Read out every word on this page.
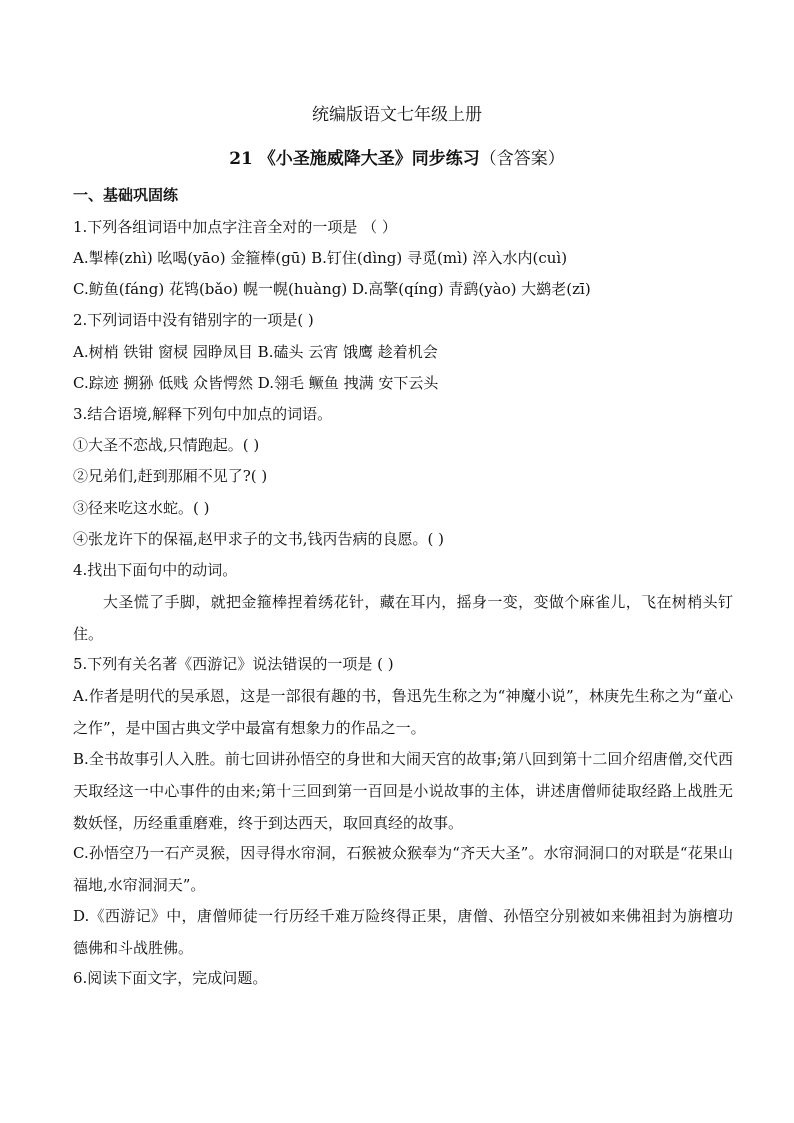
统编版语文七年级上册
21 《小圣施威降大圣》同步练习（含答案）
一、基础巩固练
1.下列各组词语中加点字注音全对的一项是 （ ）
A.掣棒(zhì) 吆喝(yāo) 金箍棒(gū) B.钉住(dìng) 寻觅(mì) 淬入水内(cuì)
C.鲂鱼(fáng) 花鸨(bǎo) 幌一幌(huàng) D.高擎(qíng) 青鹞(yào) 大鹚老(zī)
2.下列词语中没有错别字的一项是( )
A.树梢 铁钳 窗棂 园睁凤目 B.磕头 云宵 饿鹰 趁着机会
C.踪迹 搠狲 低贱 众皆愕然 D.翎毛 鳜鱼 拽满 安下云头
3.结合语境,解释下列句中加点的词语。
①大圣不恋战,只情跑起。( )
②兄弟们,赶到那厢不见了?( )
③径来吃这水蛇。( )
④张龙许下的保福,赵甲求子的文书,钱丙告病的良愿。( )
4.找出下面句中的动词。
大圣慌了手脚，就把金箍棒捏着绣花针，藏在耳内，摇身一变，变做个麻雀儿，飞在树梢头钉住。
5.下列有关名著《西游记》说法错误的一项是 ( )
A.作者是明代的吴承恩，这是一部很有趣的书，鲁迅先生称之为“神魔小说”，林庚先生称之为“童心之作”，是中国古典文学中最富有想象力的作品之一。
B.全书故事引人入胜。前七回讲孙悟空的身世和大闹天宫的故事;第八回到第十二回介绍唐僧,交代西天取经这一中心事件的由来;第十三回到第一百回是小说故事的主体，讲述唐僧师徒取经路上战胜无数妖怪，历经重重磨难，终于到达西天，取回真经的故事。
C.孙悟空乃一石产灵猴，因寻得水帘洞，石猴被众猴奉为“齐天大圣”。水帘洞洞口的对联是“花果山福地,水帘洞洞天”。
D.《西游记》中，唐僧师徒一行历经千难万险终得正果，唐僧、孙悟空分别被如来佛祖封为旃檀功德佛和斗战胜佛。
6.阅读下面文字，完成问题。
